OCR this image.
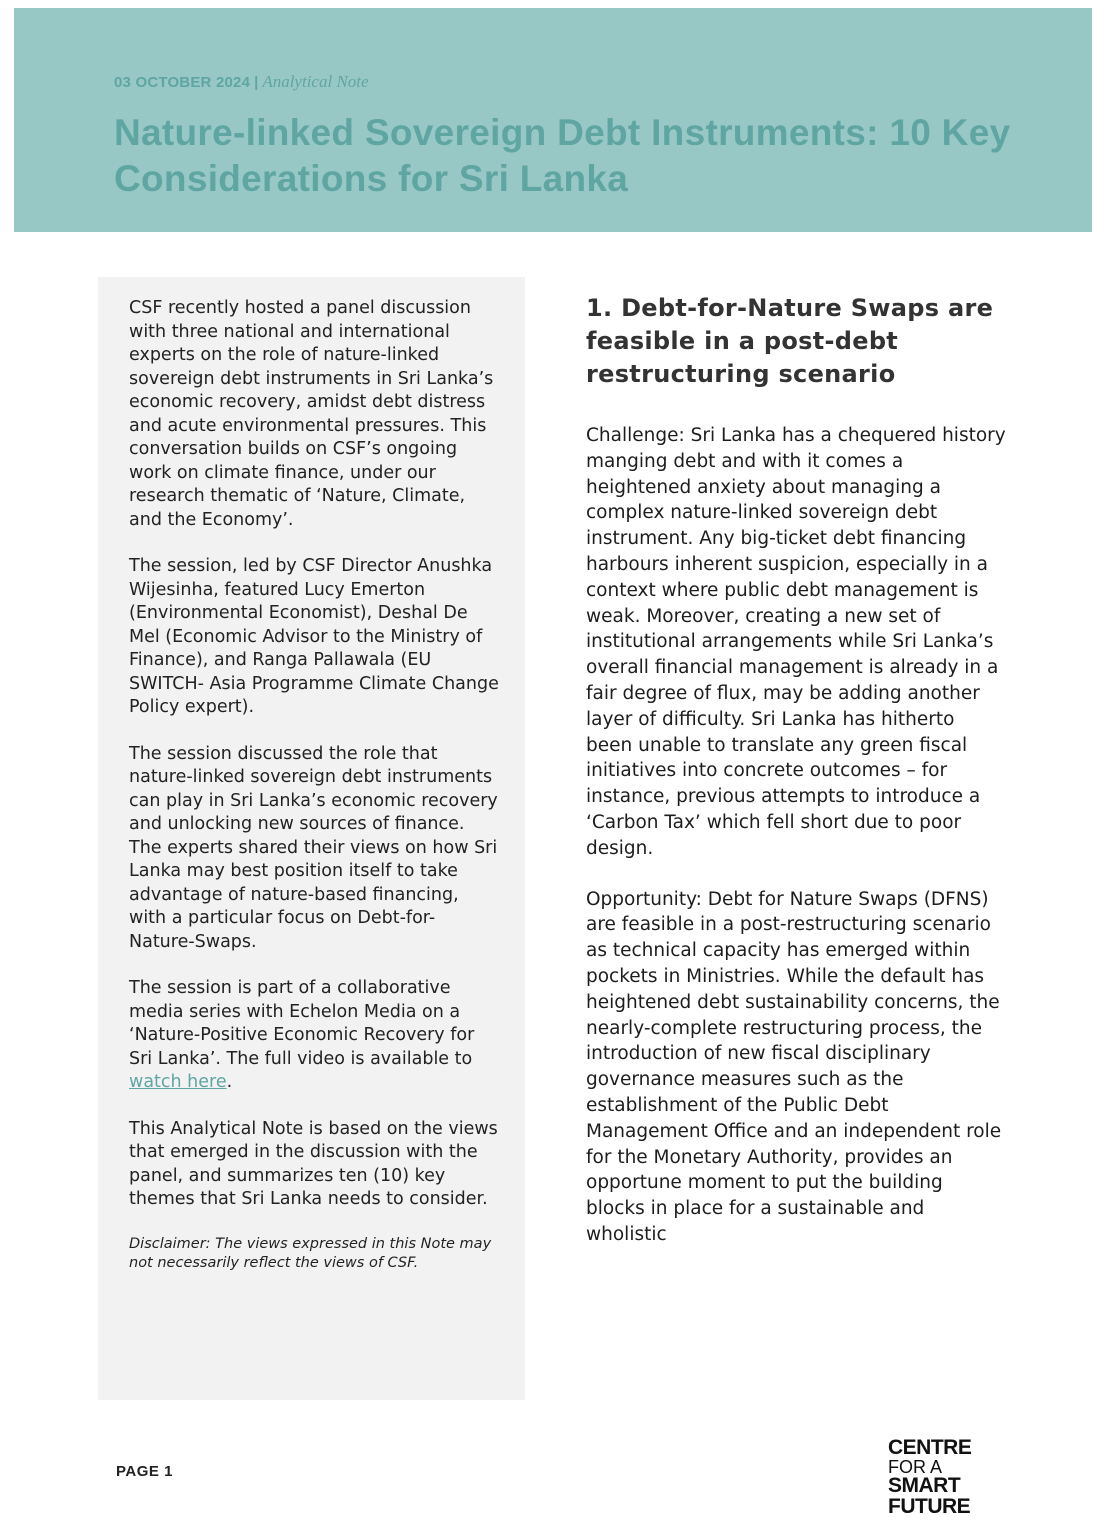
03 OCTOBER 2024 | Analytical Note
Nature-linked Sovereign Debt Instruments: 10 Key Considerations for Sri Lanka

CSF recently hosted a panel discussion with three national and international experts on the role of nature-linked sovereign debt instruments in Sri Lanka’s economic recovery, amidst debt distress and acute environmental pressures. This conversation builds on CSF’s ongoing work on climate finance, under our research thematic of ‘Nature, Climate, and the Economy’.

The session, led by CSF Director Anushka Wijesinha, featured Lucy Emerton (Environmental Economist), Deshal De Mel (Economic Advisor to the Ministry of Finance), and Ranga Pallawala (EU SWITCH- Asia Programme Climate Change Policy expert).

The session discussed the role that nature-linked sovereign debt instruments can play in Sri Lanka’s economic recovery and unlocking new sources of finance. The experts shared their views on how Sri Lanka may best position itself to take advantage of nature-based financing, with a particular focus on Debt-for-Nature-Swaps.

The session is part of a collaborative media series with Echelon Media on a ‘Nature-Positive Economic Recovery for Sri Lanka’. The full video is available to watch here.

This Analytical Note is based on the views that emerged in the discussion with the panel, and summarizes ten (10) key themes that Sri Lanka needs to consider.

Disclaimer: The views expressed in this Note may not necessarily reflect the views of CSF.

1. Debt-for-Nature Swaps are feasible in a post-debt restructuring scenario

Challenge: Sri Lanka has a chequered history manging debt and with it comes a heightened anxiety about managing a complex nature-linked sovereign debt instrument. Any big-ticket debt financing harbours inherent suspicion, especially in a context where public debt management is weak. Moreover, creating a new set of institutional arrangements while Sri Lanka’s overall financial management is already in a fair degree of flux, may be adding another layer of difficulty. Sri Lanka has hitherto been unable to translate any green fiscal initiatives into concrete outcomes – for instance, previous attempts to introduce a ‘Carbon Tax’ which fell short due to poor design.

Opportunity: Debt for Nature Swaps (DFNS) are feasible in a post-restructuring scenario as technical capacity has emerged within pockets in Ministries. While the default has heightened debt sustainability concerns, the nearly-complete restructuring process, the introduction of new fiscal disciplinary governance measures such as the establishment of the Public Debt Management Office and an independent role for the Monetary Authority, provides an opportune moment to put the building blocks in place for a sustainable and wholistic

PAGE 1
CENTRE
FOR A
SMART
FUTURE
